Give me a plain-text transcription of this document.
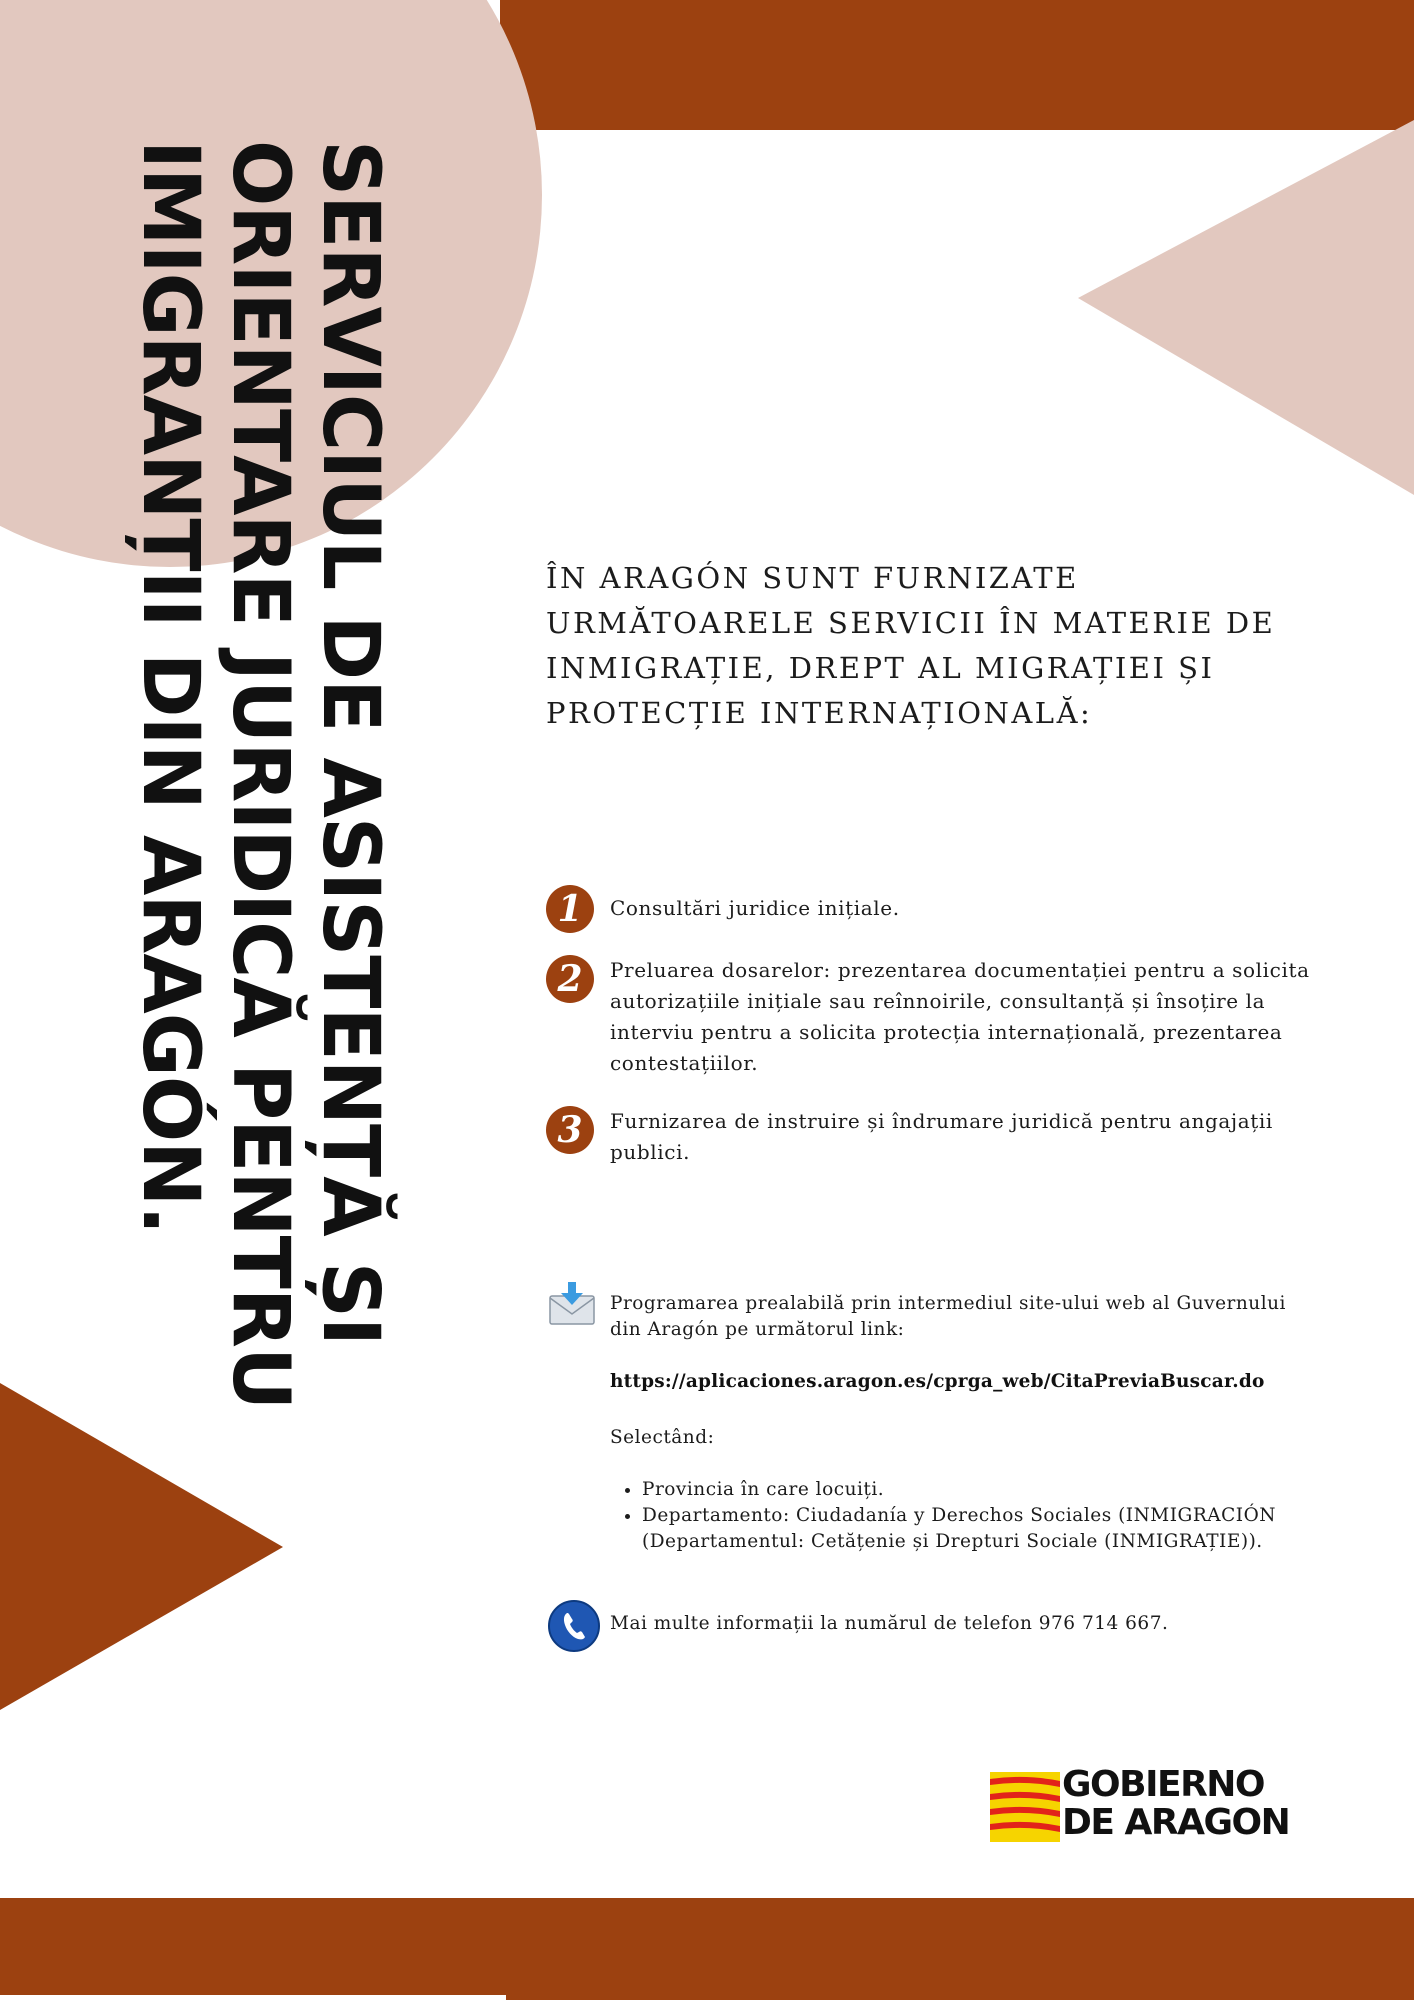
SERVICIUL DE ASISTENȚĂ ȘI
ORIENTARE JURIDICĂ PENTRU
IMIGRANȚII DIN ARAGÓN.	ÎN ARAGÓN SUNT FURNIZATE
URMĂTOARELE SERVICII ÎN MATERIE DE
INMIGRAȚIE, DREPT AL MIGRAȚIEI ȘI
PROTECȚIE INTERNAȚIONALĂ:
1	Consultări juridice inițiale.
2	Preluarea dosarelor: prezentarea documentației pentru a solicita autorizațiile inițiale sau reînnoirile, consultanță și însoțire la interviu pentru a solicita protecția internațională, prezentarea contestațiilor.
3	Furnizarea de instruire și îndrumare juridică pentru angajații publici.
Programarea prealabilă prin intermediul site-ului web al Guvernului din Aragón pe următorul link:
https://aplicaciones.aragon.es/cprga_web/CitaPreviaBuscar.do
Selectând:
• Provincia în care locuiți.
• Departamento: Ciudadanía y Derechos Sociales (INMIGRACIÓN (Departamentul: Cetățenie și Drepturi Sociale (INMIGRAȚIE)).
Mai multe informații la numărul de telefon 976 714 667.
GOBIERNO
DE ARAGON
